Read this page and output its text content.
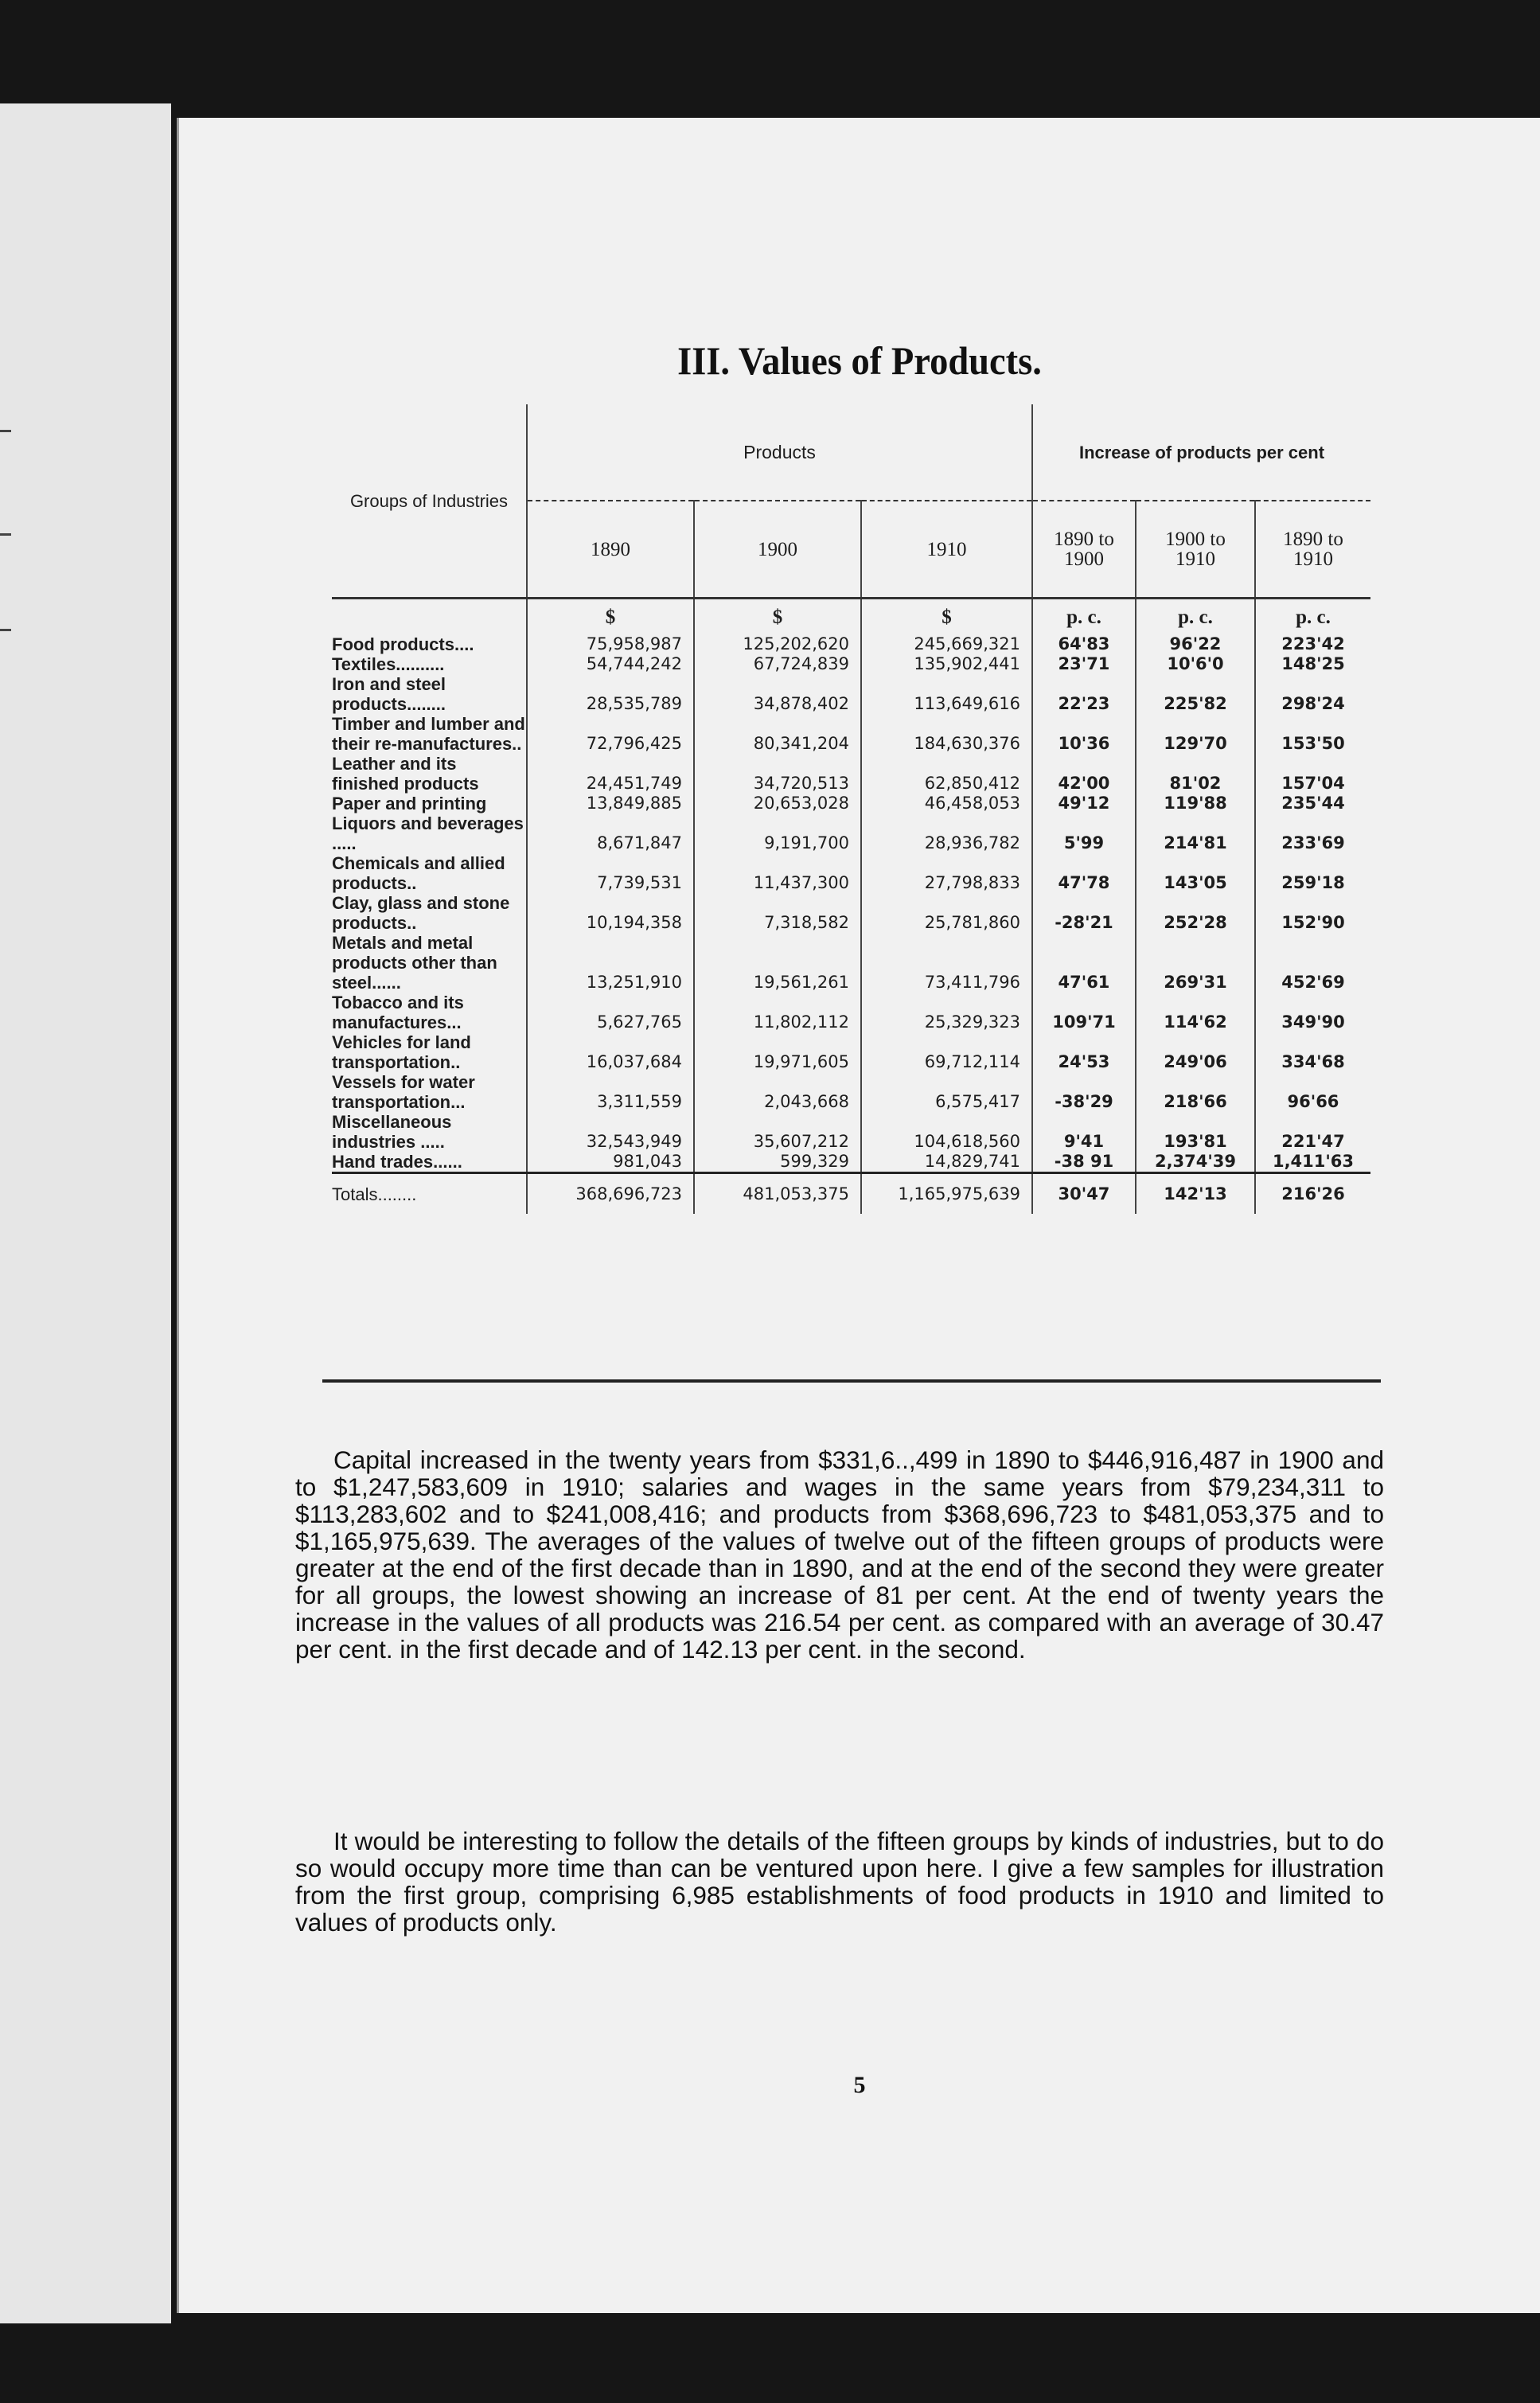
III. Values of Products.
Groups of Industries	Products			Increase of products per cent		
	1890	1900	1910	1890 to 1900	1900 to 1910	1890 to 1910
	$	$	$	p. c.	p. c.	p. c.
Food products....	75,958,987	125,202,620	245,669,321	64'83	96'22	223'42
Textiles..........	54,744,242	67,724,839	135,902,441	23'71	10'6'0	148'25
Iron and steel products........	28,535,789	34,878,402	113,649,616	22'23	225'82	298'24
Timber and lumber and their re-manufactures..	72,796,425	80,341,204	184,630,376	10'36	129'70	153'50
Leather and its finished products	24,451,749	34,720,513	62,850,412	42'00	81'02	157'04
Paper and printing	13,849,885	20,653,028	46,458,053	49'12	119'88	235'44
Liquors and beverages .....	8,671,847	9,191,700	28,936,782	5'99	214'81	233'69
Chemicals and allied products..	7,739,531	11,437,300	27,798,833	47'78	143'05	259'18
Clay, glass and stone products..	10,194,358	7,318,582	25,781,860	-28'21	252'28	152'90
Metals and metal products other than steel......	13,251,910	19,561,261	73,411,796	47'61	269'31	452'69
Tobacco and its manufactures...	5,627,765	11,802,112	25,329,323	109'71	114'62	349'90
Vehicles for land transportation..	16,037,684	19,971,605	69,712,114	24'53	249'06	334'68
Vessels for water transportation...	3,311,559	2,043,668	6,575,417	-38'29	218'66	96'66
Miscellaneous industries .....	32,543,949	35,607,212	104,618,560	9'41	193'81	221'47
Hand trades......	981,043	599,329	14,829,741	-38 91	2,374'39	1,411'63
Totals........	368,696,723	481,053,375	1,165,975,639	30'47	142'13	216'26

Capital increased in the twenty years from $331,6..,499 in 1890 to $446,916,487 in 1900 and to $1,247,583,609 in 1910; salaries and wages in the same years from $79,234,311 to $113,283,602 and to $241,008,416; and products from $368,696,723 to $481,053,375 and to $1,165,975,639. The averages of the values of twelve out of the fifteen groups of products were greater at the end of the first decade than in 1890, and at the end of the second they were greater for all groups, the lowest showing an increase of 81 per cent. At the end of twenty years the increase in the values of all products was 216.54 per cent. as compared with an average of 30.47 per cent. in the first decade and of 142.13 per cent. in the second.

It would be interesting to follow the details of the fifteen groups by kinds of industries, but to do so would occupy more time than can be ventured upon here. I give a few samples for illustration from the first group, comprising 6,985 establishments of food products in 1910 and limited to values of products only.

5
